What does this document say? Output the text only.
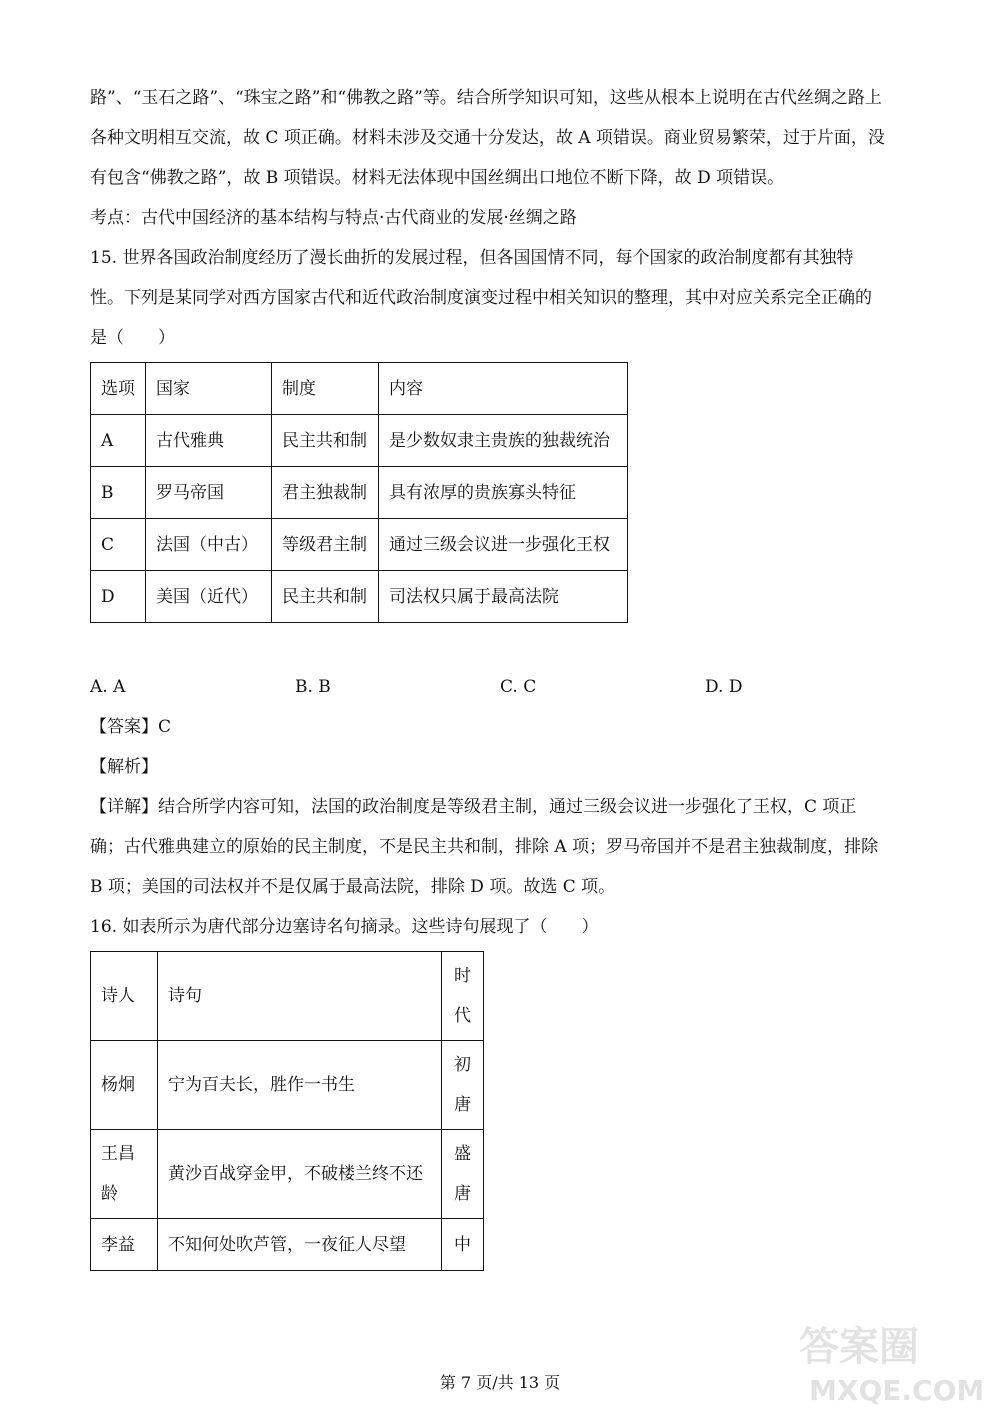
路”、“玉石之路”、“珠宝之路”和“佛教之路”等。结合所学知识可知，这些从根本上说明在古代丝绸之路上

各种文明相互交流，故 C 项正确。材料未涉及交通十分发达，故 A 项错误。商业贸易繁荣，过于片面，没

有包含“佛教之路”，故 B 项错误。材料无法体现中国丝绸出口地位不断下降，故 D 项错误。

考点：古代中国经济的基本结构与特点·古代商业的发展·丝绸之路

15. 世界各国政治制度经历了漫长曲折的发展过程，但各国国情不同，每个国家的政治制度都有其独特

性。下列是某同学对西方国家古代和近代政治制度演变过程中相关知识的整理，其中对应关系完全正确的

是（　　）

选项	国家	制度	内容
A	古代雅典	民主共和制	是少数奴隶主贵族的独裁统治
B	罗马帝国	君主独裁制	具有浓厚的贵族寡头特征
C	法国（中古）	等级君主制	通过三级会议进一步强化王权
D	美国（近代）	民主共和制	司法权只属于最高法院
A. A	B. B	C. C	D. D

【答案】C

【解析】

【详解】结合所学内容可知，法国的政治制度是等级君主制，通过三级会议进一步强化了王权，C 项正

确；古代雅典建立的原始的民主制度，不是民主共和制，排除 A 项；罗马帝国并不是君主独裁制度，排除

B 项；美国的司法权并不是仅属于最高法院，排除 D 项。故选 C 项。

16. 如表所示为唐代部分边塞诗名句摘录。这些诗句展现了（　　）

诗人	诗句	时代
杨炯	宁为百夫长，胜作一书生	初唐
王昌龄	黄沙百战穿金甲，不破楼兰终不还	盛唐
李益	不知何处吹芦管，一夜征人尽望	中
第 7 页/共 13 页
答案圈
MXQE.COM
